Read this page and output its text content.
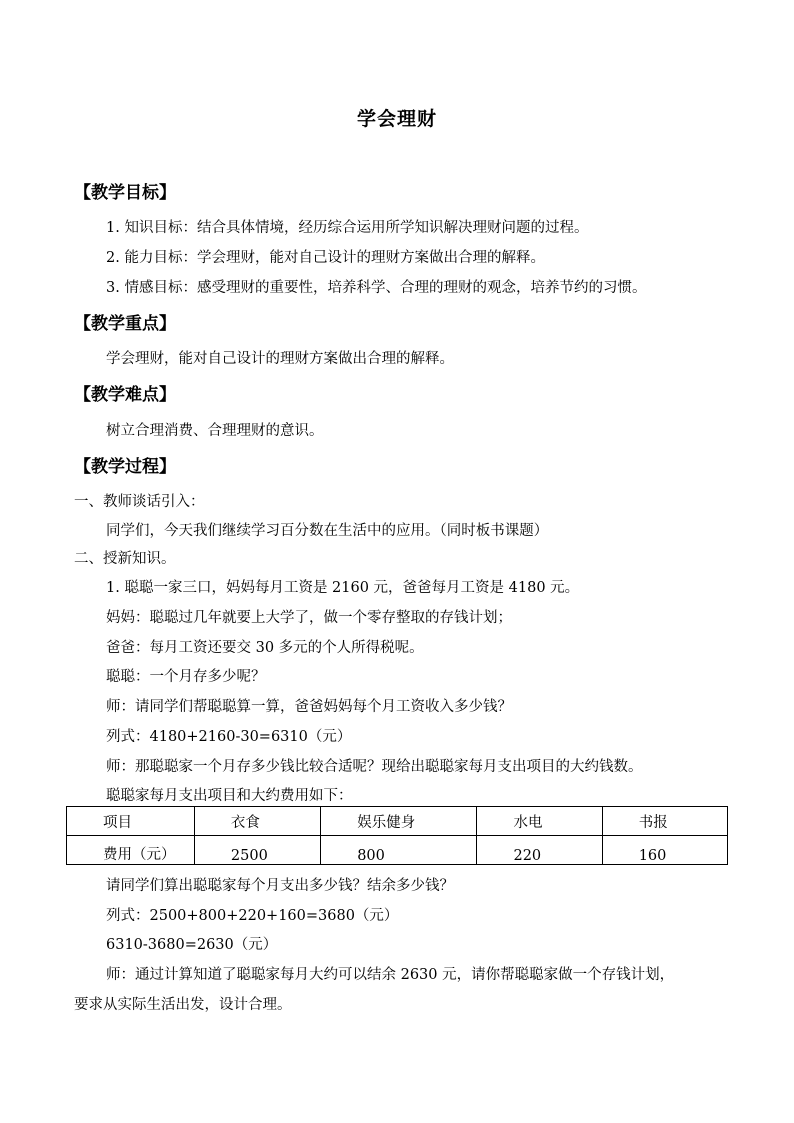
学会理财
【教学目标】
1. 知识目标：结合具体情境，经历综合运用所学知识解决理财问题的过程。
2. 能力目标：学会理财，能对自己设计的理财方案做出合理的解释。
3. 情感目标：感受理财的重要性，培养科学、合理的理财的观念，培养节约的习惯。
【教学重点】
学会理财，能对自己设计的理财方案做出合理的解释。
【教学难点】
树立合理消费、合理理财的意识。
【教学过程】
一、教师谈话引入：
同学们，今天我们继续学习百分数在生活中的应用。（同时板书课题）
二、授新知识。
1. 聪聪一家三口，妈妈每月工资是 2160 元，爸爸每月工资是 4180 元。
妈妈：聪聪过几年就要上大学了，做一个零存整取的存钱计划；
爸爸：每月工资还要交 30 多元的个人所得税呢。
聪聪：一个月存多少呢？
师：请同学们帮聪聪算一算，爸爸妈妈每个月工资收入多少钱？
列式：4180+2160-30=6310（元）
师：那聪聪家一个月存多少钱比较合适呢？现给出聪聪家每月支出项目的大约钱数。
聪聪家每月支出项目和大约费用如下：
项目	衣食	娱乐健身	水电	书报
费用（元）	2500	800	220	160
请同学们算出聪聪家每个月支出多少钱？结余多少钱？
列式：2500+800+220+160=3680（元）
6310-3680=2630（元）
师：通过计算知道了聪聪家每月大约可以结余 2630 元，请你帮聪聪家做一个存钱计划，
要求从实际生活出发，设计合理。
